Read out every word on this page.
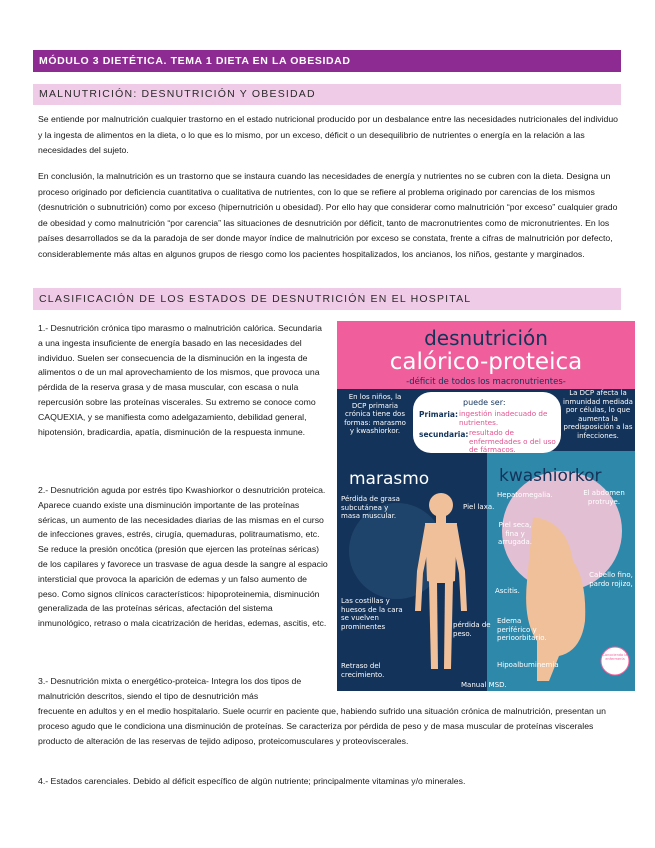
MÓDULO 3 DIETÉTICA. TEMA 1 DIETA EN LA OBESIDAD
MALNUTRICIÓN: DESNUTRICIÓN Y OBESIDAD

Se entiende por malnutrición cualquier trastorno en el estado nutricional producido por un desbalance entre las necesidades nutricionales del individuo y la ingesta de alimentos en la dieta, o lo que es lo mismo, por un exceso, déficit o un desequilibrio de nutrientes o energía en la relación a las necesidades del sujeto.

En conclusión, la malnutrición es un trastorno que se instaura cuando las necesidades de energía y nutrientes no se cubren con la dieta. Designa un proceso originado por deficiencia cuantitativa o cualitativa de nutrientes, con lo que se refiere al problema originado por carencias de los mismos (desnutrición o subnutrición) como por exceso (hipernutrición u obesidad). Por ello hay que considerar como malnutrición “por exceso” cualquier grado de obesidad y como malnutrición “por carencia” las situaciones de desnutrición por déficit, tanto de macronutrientes como de micronutrientes. En los países desarrollados se da la paradoja de ser donde mayor índice de malnutrición por exceso se constata, frente a cifras de malnutrición por defecto, considerablemente más altas en algunos grupos de riesgo como los pacientes hospitalizados, los ancianos, los niños, gestante y marginados.

CLASIFICACIÓN DE LOS ESTADOS DE DESNUTRICIÓN EN EL HOSPITAL

1.- Desnutrición crónica tipo marasmo o malnutrición calórica. Secundaria a una ingesta insuficiente de energía basado en las necesidades del individuo. Suelen ser consecuencia de la disminución en la ingesta de alimentos o de un mal aprovechamiento de los mismos, que provoca una pérdida de la reserva grasa y de masa muscular, con escasa o nula repercusión sobre las proteínas viscerales. Su extremo se conoce como CAQUEXIA, y se manifiesta como adelgazamiento, debilidad general, hipotensión, bradicardia, apatía, disminución de la respuesta inmune.

2.- Desnutrición aguda por estrés tipo Kwashiorkor o desnutrición proteica. Aparece cuando existe una disminución importante de las proteínas séricas, un aumento de las necesidades diarias de las mismas en el curso de infecciones graves, estrés, cirugía, quemaduras, politraumatismo, etc. Se reduce la presión oncótica (presión que ejercen las proteínas séricas) de los capilares y favorece un trasvase de agua desde la sangre al espacio intersticial que provoca la aparición de edemas y un falso aumento de peso. Como signos clínicos característicos: hipoproteinemia, disminución generalizada de las proteínas séricas, afectación del sistema inmunológico, retraso o mala cicatrización de heridas, edemas, ascitis, etc.

3.- Desnutrición mixta o energético-proteica- Integra los dos tipos de malnutrición descritos, siendo el tipo de desnutrición más

frecuente en adultos y en el medio hospitalario. Suele ocurrir en paciente que, habiendo sufrido una situación crónica de malnutrición, presentan un proceso agudo que le condiciona una disminución de proteínas. Se caracteriza por pérdida de peso y de masa muscular de proteínas viscerales producto de alteración de las reservas de tejido adiposo, proteicomusculares y proteoviscerales.

4.- Estados carenciales. Debido al déficit específico de algún nutriente; principalmente vitaminas y/o minerales.

desnutrición
calórico-proteica
-déficit de todos los macronutrientes-
puede ser:
Primaria: ingestión inadecuado de nutrientes.
secundaria: resultado de enfermedades o del uso de fármacos.
En los niños, la DCP primaria crónica tiene dos formas: marasmo y kwashiorkor.
La DCP afecta la inmunidad mediada por células, lo que aumenta la predisposición a las infecciones.
marasmo	kwashiorkor
Pérdida de grasa subcutánea y masa muscular.
Piel laxa.
Las costillas y huesos de la cara se vuelven prominentes	pérdida de peso.
Retraso del crecimiento.
Hepatomegalia.	El abdomen protruye.
Piel seca, fina y arrugada.
Ascitis.
Cabello fino, pardo rojizo,
Edema periférico y perioorbitario.
Hipoalbuminemia
Conociendo la enfermería
Manual MSD.
